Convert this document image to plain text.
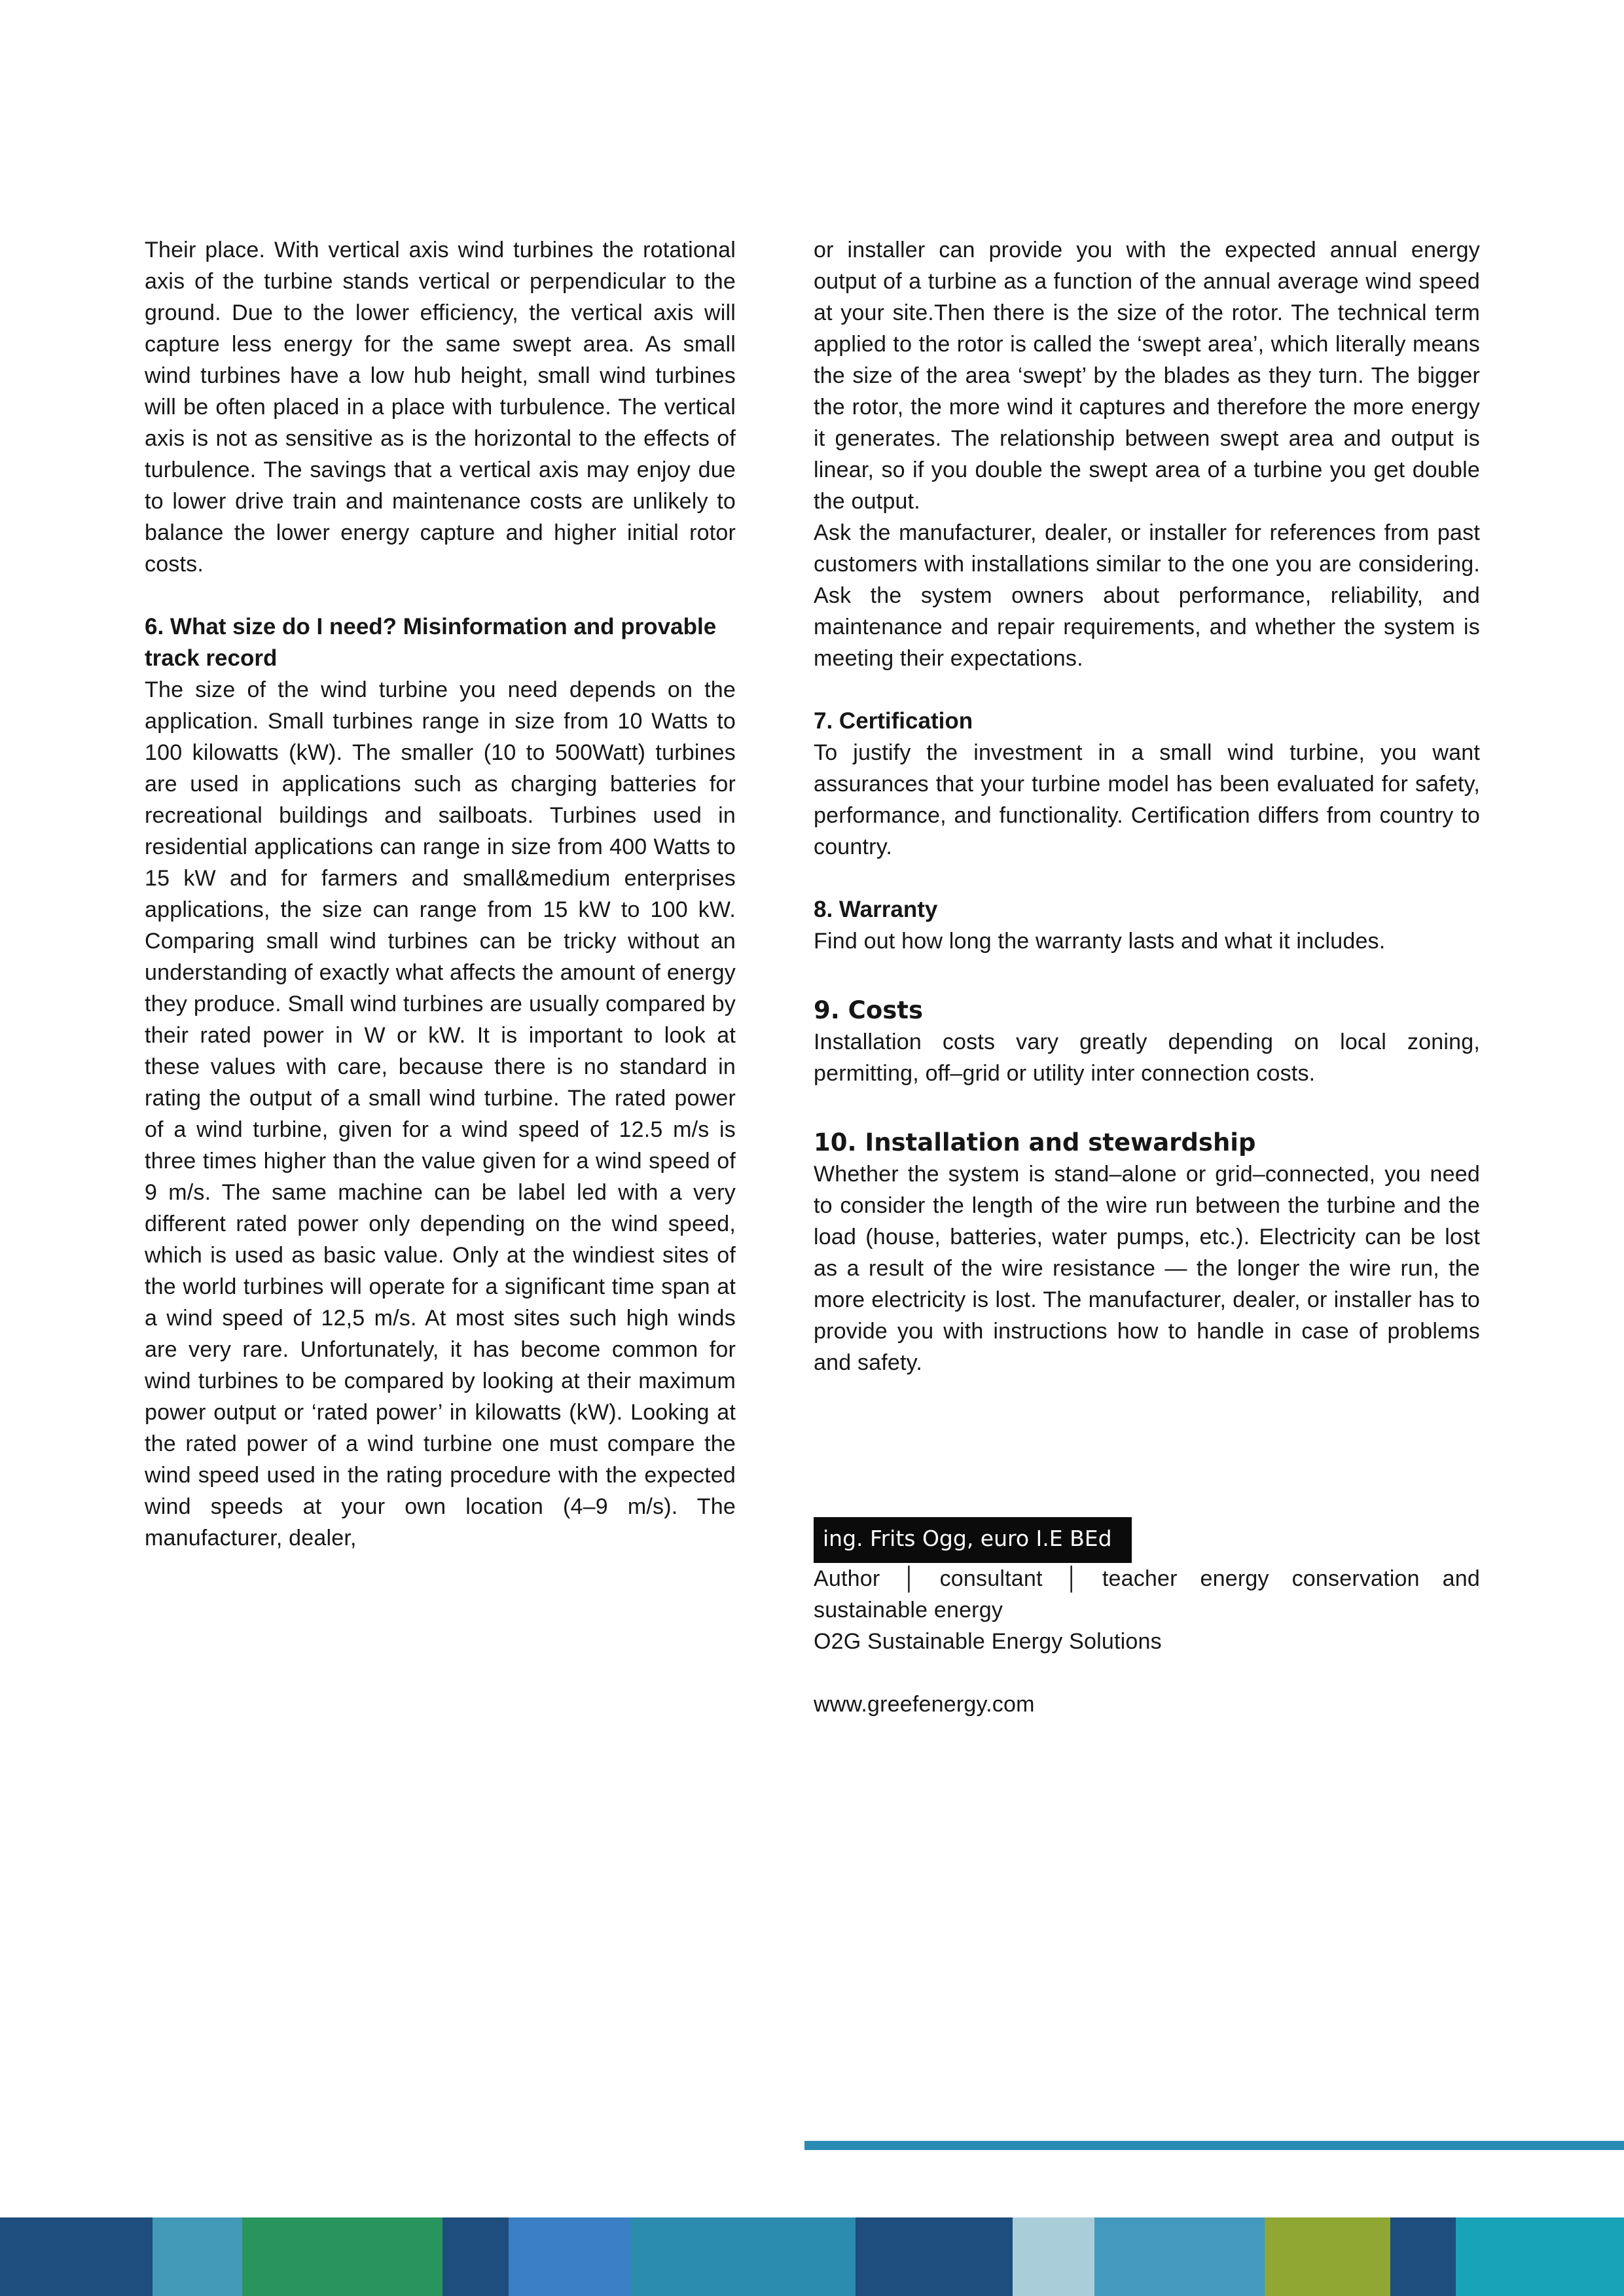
Their place. With vertical axis wind turbines the rotational axis of the turbine stands vertical or perpendicular to the ground. Due to the lower efficiency, the vertical axis will capture less energy for the same swept area. As small wind turbines have a low hub height, small wind turbines will be often placed in a place with turbulence. The vertical axis is not as sensitive as is the horizontal to the effects of turbulence. The savings that a vertical axis may enjoy due to lower drive train and maintenance costs are unlikely to balance the lower energy capture and higher initial rotor costs.

6. What size do I need? Misinformation and provable track record

The size of the wind turbine you need depends on the application. Small turbines range in size from 10 Watts to 100 kilowatts (kW). The smaller (10 to 500Watt) turbines are used in applications such as charging batteries for recreational buildings and sailboats. Turbines used in residential applications can range in size from 400 Watts to 15 kW and for farmers and small&medium enterprises applications, the size can range from 15 kW to 100 kW. Comparing small wind turbines can be tricky without an understanding of exactly what affects the amount of energy they produce. Small wind turbines are usually compared by their rated power in W or kW. It is important to look at these values with care, because there is no standard in rating the output of a small wind turbine. The rated power of a wind turbine, given for a wind speed of 12.5 m/s is three times higher than the value given for a wind speed of 9 m/s. The same machine can be label led with a very different rated power only depending on the wind speed, which is used as basic value. Only at the windiest sites of the world turbines will operate for a significant time span at a wind speed of 12,5 m/s. At most sites such high winds are very rare. Unfortunately, it has become common for wind turbines to be compared by looking at their maximum power output or ‘rated power’ in kilowatts (kW). Looking at the rated power of a wind turbine one must compare the wind speed used in the rating procedure with the expected wind speeds at your own location (4–9 m/s). The manufacturer, dealer,

or installer can provide you with the expected annual energy output of a turbine as a function of the annual average wind speed at your site.Then there is the size of the rotor. The technical term applied to the rotor is called the ‘swept area’, which literally means the size of the area ‘swept’ by the blades as they turn. The bigger the rotor, the more wind it captures and therefore the more energy it generates. The relationship between swept area and output is linear, so if you double the swept area of a turbine you get double the output.

Ask the manufacturer, dealer, or installer for references from past customers with installations similar to the one you are considering. Ask the system owners about performance, reliability, and maintenance and repair requirements, and whether the system is meeting their expectations.

7. Certification

To justify the investment in a small wind turbine, you want assurances that your turbine model has been evaluated for safety, performance, and functionality. Certification differs from country to country.

8. Warranty

Find out how long the warranty lasts and what it includes.

9. Costs

Installation costs vary greatly depending on local zoning, permitting, off–grid or utility inter connection costs.

10. Installation and stewardship

Whether the system is stand–alone or grid–connected, you need to consider the length of the wire run between the turbine and the load (house, batteries, water pumps, etc.). Electricity can be lost as a result of the wire resistance — the longer the wire run, the more electricity is lost. The manufacturer, dealer, or installer has to provide you with instructions how to handle in case of problems and safety.

ing. Frits Ogg, euro I.E BEd

Author │ consultant │ teacher energy conservation and sustainable energy

O2G Sustainable Energy Solutions

www.greefenergy.com
